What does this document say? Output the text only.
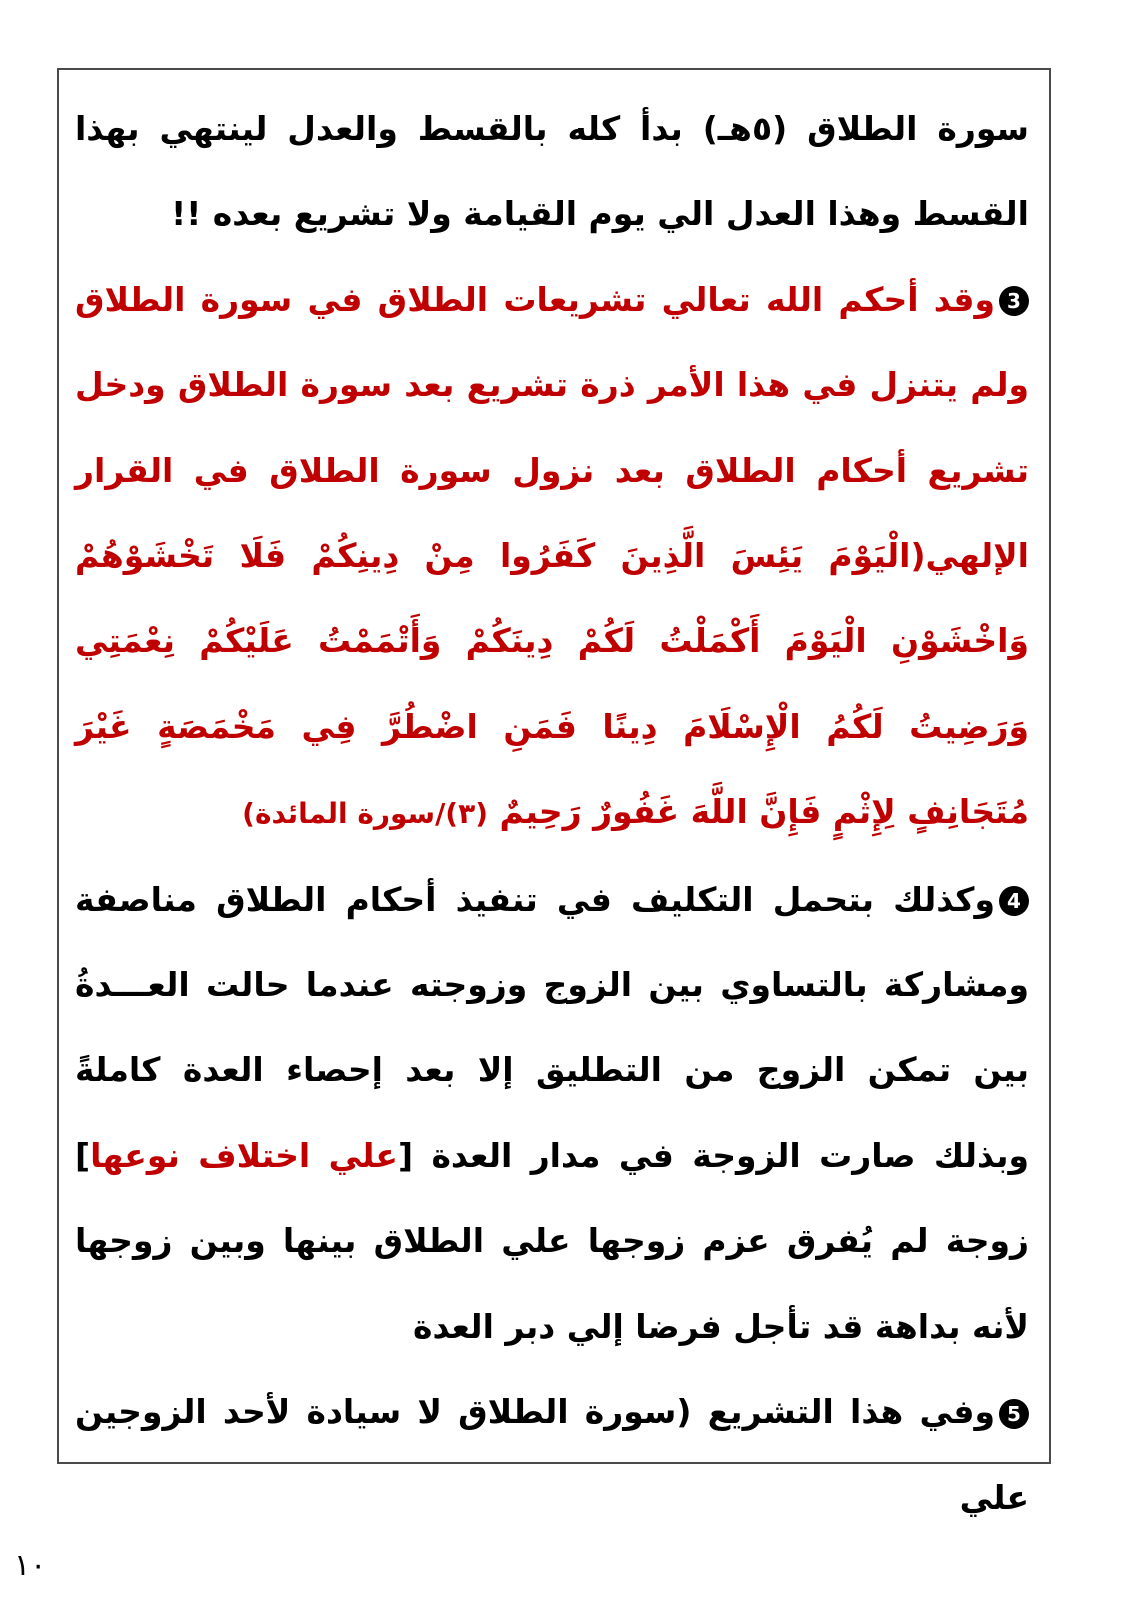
سورة الطلاق (٥هـ) بدأ كله بالقسط والعدل لينتهي بهذا القسط وهذا العدل الي يوم القيامة ولا تشريع بعده !!

3وقد أحكم الله تعالي تشريعات الطلاق في سورة الطلاق ولم يتنزل في هذا الأمر ذرة تشريع بعد سورة الطلاق ودخل تشريع أحكام الطلاق بعد نزول سورة الطلاق في القرار الإلهي(الْيَوْمَ يَئِسَ الَّذِينَ كَفَرُوا مِنْ دِينِكُمْ فَلَا تَخْشَوْهُمْ وَاخْشَوْنِ الْيَوْمَ أَكْمَلْتُ لَكُمْ دِينَكُمْ وَأَتْمَمْتُ عَلَيْكُمْ نِعْمَتِي وَرَضِيتُ لَكُمُ الْإِسْلَامَ دِينًا فَمَنِ اضْطُرَّ فِي مَخْمَصَةٍ غَيْرَ مُتَجَانِفٍ لِإِثْمٍ فَإِنَّ اللَّهَ غَفُورٌ رَحِيمٌ (٣)/سورة المائدة)

4وكذلك بتحمل التكليف في تنفيذ أحكام الطلاق مناصفة ومشاركة بالتساوي بين الزوج وزوجته عندما حالت العـــدةُ بين تمكن الزوج من التطليق إلا بعد إحصاء العدة كاملةً وبذلك صارت الزوجة في مدار العدة [علي اختلاف نوعها] زوجة لم يُفرق عزم زوجها علي الطلاق بينها وبين زوجها لأنه بداهة قد تأجل فرضا إلي دبر العدة

5وفي هذا التشريع (سورة الطلاق لا سيادة لأحد الزوجين علي

١٠
